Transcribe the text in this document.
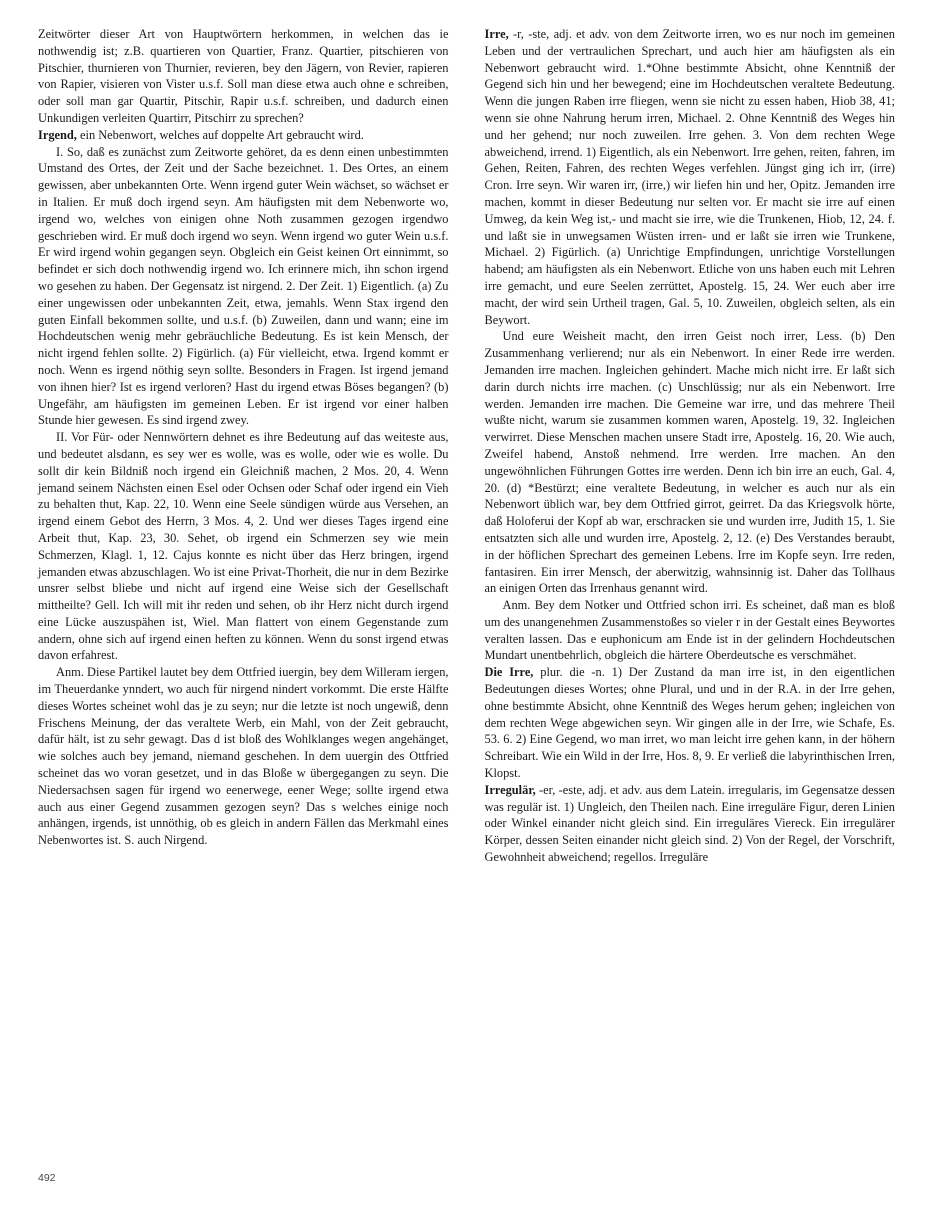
Zeitwörter dieser Art von Hauptwörtern herkommen, in welchen das ie nothwendig ist; z.B. quartieren von Quartier, Franz. Quartier, pitschieren von Pitschier, thurnieren von Thurnier, revieren, bey den Jägern, von Revier, rapieren von Rapier, visieren von Vister u.s.f. Soll man diese etwa auch ohne e schreiben, oder soll man gar Quartir, Pitschir, Rapir u.s.f. schreiben, und dadurch einen Unkundigen verleiten Quartirr, Pitschirr zu sprechen?

Irgend, ein Nebenwort, welches auf doppelte Art gebraucht wird.

I. So, daß es zunächst zum Zeitworte gehöret, da es denn einen unbestimmten Umstand des Ortes, der Zeit und der Sache bezeichnet. 1. Des Ortes, an einem gewissen, aber unbekannten Orte. Wenn irgend guter Wein wächset, so wächset er in Italien. Er muß doch irgend seyn. Am häufigsten mit dem Nebenworte wo, irgend wo, welches von einigen ohne Noth zusammen gezogen irgendwo geschrieben wird. Er muß doch irgend wo seyn. Wenn irgend wo guter Wein u.s.f. Er wird irgend wohin gegangen seyn. Obgleich ein Geist keinen Ort einnimmt, so befindet er sich doch nothwendig irgend wo. Ich erinnere mich, ihn schon irgend wo gesehen zu haben. Der Gegensatz ist nirgend. 2. Der Zeit. 1) Eigentlich. (a) Zu einer ungewissen oder unbekannten Zeit, etwa, jemahls. Wenn Stax irgend den guten Einfall bekommen sollte, und u.s.f. (b) Zuweilen, dann und wann; eine im Hochdeutschen wenig mehr gebräuchliche Bedeutung. Es ist kein Mensch, der nicht irgend fehlen sollte. 2) Figürlich. (a) Für vielleicht, etwa. Irgend kommt er noch. Wenn es irgend nöthig seyn sollte. Besonders in Fragen. Ist irgend jemand von ihnen hier? Ist es irgend verloren? Hast du irgend etwas Böses begangen? (b) Ungefähr, am häufigsten im gemeinen Leben. Er ist irgend vor einer halben Stunde hier gewesen. Es sind irgend zwey.

II. Vor Für- oder Nennwörtern dehnet es ihre Bedeutung auf das weiteste aus, und bedeutet alsdann, es sey wer es wolle, was es wolle, oder wie es wolle. Du sollt dir kein Bildniß noch irgend ein Gleichniß machen, 2 Mos. 20, 4. Wenn jemand seinem Nächsten einen Esel oder Ochsen oder Schaf oder irgend ein Vieh zu behalten thut, Kap. 22, 10. Wenn eine Seele sündigen würde aus Versehen, an irgend einem Gebot des Herrn, 3 Mos. 4, 2. Und wer dieses Tages irgend eine Arbeit thut, Kap. 23, 30. Sehet, ob irgend ein Schmerzen sey wie mein Schmerzen, Klagl. 1, 12. Cajus konnte es nicht über das Herz bringen, irgend jemanden etwas abzuschlagen. Wo ist eine Privat-Thorheit, die nur in dem Bezirke unsrer selbst bliebe und nicht auf irgend eine Weise sich der Gesellschaft mittheilte? Gell. Ich will mit ihr reden und sehen, ob ihr Herz nicht durch irgend eine Lücke auszuspähen ist, Wiel. Man flattert von einem Gegenstande zum andern, ohne sich auf irgend einen heften zu können. Wenn du sonst irgend etwas davon erfahrest.

Anm. Diese Partikel lautet bey dem Ottfried iuergin, bey dem Willeram iergen, im Theuerdanke ynndert, wo auch für nirgend nindert vorkommt. Die erste Hälfte dieses Wortes scheinet wohl das je zu seyn; nur die letzte ist noch ungewiß, denn Frischens Meinung, der das veraltete Werb, ein Mahl, von der Zeit gebraucht, dafür hält, ist zu sehr gewagt. Das d ist bloß des Wohlklanges wegen angehänget, wie solches auch bey jemand, niemand geschehen. In dem uuergin des Ottfried scheinet das wo voran gesetzet, und in das Bloße w übergegangen zu seyn. Die Niedersachsen sagen für irgend wo eenerwege, eener Wege; sollte irgend etwa auch aus einer Gegend zusammen gezogen seyn? Das s welches einige noch anhängen, irgends, ist unnöthig, ob es gleich in andern Fällen das Merkmahl eines Nebenwortes ist. S. auch Nirgend.

Irre, -r, -ste, adj. et adv. von dem Zeitworte irren, wo es nur noch im gemeinen Leben und der vertraulichen Sprechart, und auch hier am häufigsten als ein Nebenwort gebraucht wird. 1.*Ohne bestimmte Absicht, ohne Kenntniß der Gegend sich hin und her bewegend; eine im Hochdeutschen veraltete Bedeutung. Wenn die jungen Raben irre fliegen, wenn sie nicht zu essen haben, Hiob 38, 41; wenn sie ohne Nahrung herum irren, Michael. 2. Ohne Kenntniß des Weges hin und her gehend; nur noch zuweilen. Irre gehen. 3. Von dem rechten Wege abweichend, irrend. 1) Eigentlich, als ein Nebenwort. Irre gehen, reiten, fahren, im Gehen, Reiten, Fahren, des rechten Weges verfehlen. Jüngst ging ich irr, (irre) Cron. Irre seyn. Wir waren irr, (irre,) wir liefen hin und her, Opitz. Jemanden irre machen, kommt in dieser Bedeutung nur selten vor. Er macht sie irre auf einen Umweg, da kein Weg ist,- und macht sie irre, wie die Trunkenen, Hiob, 12, 24. f. und laßt sie in unwegsamen Wüsten irren- und er laßt sie irren wie Trunkene, Michael. 2) Figürlich. (a) Unrichtige Empfindungen, unrichtige Vorstellungen habend; am häufigsten als ein Nebenwort. Etliche von uns haben euch mit Lehren irre gemacht, und eure Seelen zerrüttet, Apostelg. 15, 24. Wer euch aber irre macht, der wird sein Urtheil tragen, Gal. 5, 10. Zuweilen, obgleich selten, als ein Beywort.

Und eure Weisheit macht, den irren Geist noch irrer, Less. (b) Den Zusammenhang verlierend; nur als ein Nebenwort. In einer Rede irre werden. Jemanden irre machen. Ingleichen gehindert. Mache mich nicht irre. Er laßt sich darin durch nichts irre machen. (c) Unschlüssig; nur als ein Nebenwort. Irre werden. Jemanden irre machen. Die Gemeine war irre, und das mehrere Theil wußte nicht, warum sie zusammen kommen waren, Apostelg. 19, 32. Ingleichen verwirret. Diese Menschen machen unsere Stadt irre, Apostelg. 16, 20. Wie auch, Zweifel habend, Anstoß nehmend. Irre werden. Irre machen. An den ungewöhnlichen Führungen Gottes irre werden. Denn ich bin irre an euch, Gal. 4, 20. (d) *Bestürzt; eine veraltete Bedeutung, in welcher es auch nur als ein Nebenwort üblich war, bey dem Ottfried girrot, geirret. Da das Kriegsvolk hörte, daß Holoferui der Kopf ab war, erschracken sie und wurden irre, Judith 15, 1. Sie entsatzten sich alle und wurden irre, Apostelg. 2, 12. (e) Des Verstandes beraubt, in der höflichen Sprechart des gemeinen Lebens. Irre im Kopfe seyn. Irre reden, fantasiren. Ein irrer Mensch, der aberwitzig, wahnsinnig ist. Daher das Tollhaus an einigen Orten das Irrenhaus genannt wird.

Anm. Bey dem Notker und Ottfried schon irri. Es scheinet, daß man es bloß um des unangenehmen Zusammenstoßes so vieler r in der Gestalt eines Beywortes veralten lassen. Das e euphonicum am Ende ist in der gelindern Hochdeutschen Mundart unentbehrlich, obgleich die härtere Oberdeutsche es verschmähet.

Die Irre, plur. die -n. 1) Der Zustand da man irre ist, in den eigentlichen Bedeutungen dieses Wortes; ohne Plural, und und in der R.A. in der Irre gehen, ohne bestimmte Absicht, ohne Kenntniß des Weges herum gehen; ingleichen von dem rechten Wege abgewichen seyn. Wir gingen alle in der Irre, wie Schafe, Es. 53. 6. 2) Eine Gegend, wo man irret, wo man leicht irre gehen kann, in der höhern Schreibart. Wie ein Wild in der Irre, Hos. 8, 9. Er verließ die labyrinthischen Irren, Klopst.

Irregulär, -er, -este, adj. et adv. aus dem Latein. irregularis, im Gegensatze dessen was regulär ist. 1) Ungleich, den Theilen nach. Eine irreguläre Figur, deren Linien oder Winkel einander nicht gleich sind. Ein irreguläres Viereck. Ein irregulärer Körper, dessen Seiten einander nicht gleich sind. 2) Von der Regel, der Vorschrift, Gewohnheit abweichend; regellos. Irreguläre

492
